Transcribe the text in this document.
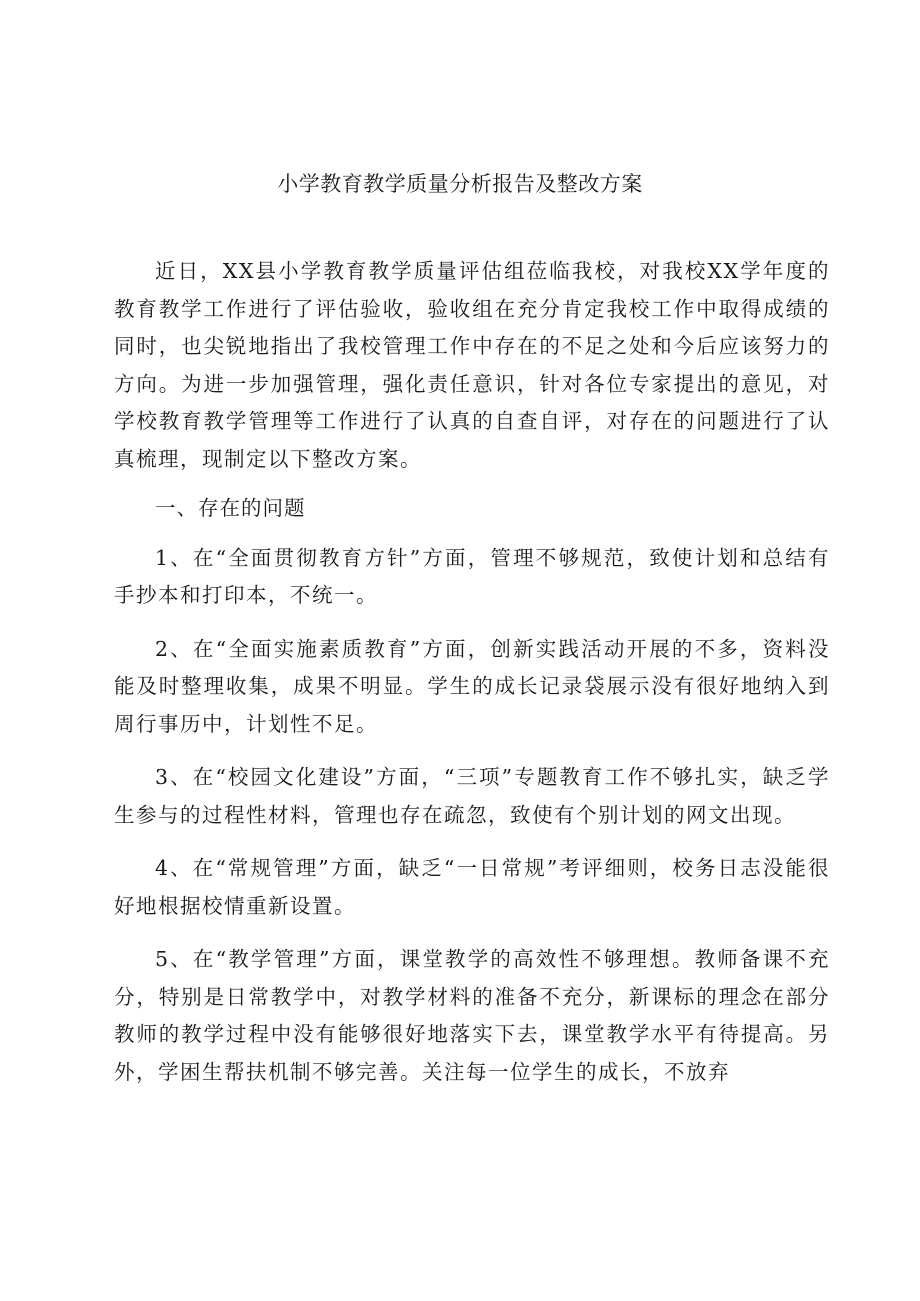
小学教育教学质量分析报告及整改方案

近日，XX县小学教育教学质量评估组莅临我校，对我校XX学年度的教育教学工作进行了评估验收，验收组在充分肯定我校工作中取得成绩的同时，也尖锐地指出了我校管理工作中存在的不足之处和今后应该努力的方向。为进一步加强管理，强化责任意识，针对各位专家提出的意见，对学校教育教学管理等工作进行了认真的自查自评，对存在的问题进行了认真梳理，现制定以下整改方案。

一、存在的问题

1、在“全面贯彻教育方针”方面，管理不够规范，致使计划和总结有手抄本和打印本，不统一。

2、在“全面实施素质教育”方面，创新实践活动开展的不多，资料没能及时整理收集，成果不明显。学生的成长记录袋展示没有很好地纳入到周行事历中，计划性不足。

3、在“校园文化建设”方面，“三项”专题教育工作不够扎实，缺乏学生参与的过程性材料，管理也存在疏忽，致使有个别计划的网文出现。

4、在“常规管理”方面，缺乏“一日常规”考评细则，校务日志没能很好地根据校情重新设置。

5、在“教学管理”方面，课堂教学的高效性不够理想。教师备课不充分，特别是日常教学中，对教学材料的准备不充分，新课标的理念在部分教师的教学过程中没有能够很好地落实下去，课堂教学水平有待提高。另外，学困生帮扶机制不够完善。关注每一位学生的成长，不放弃
